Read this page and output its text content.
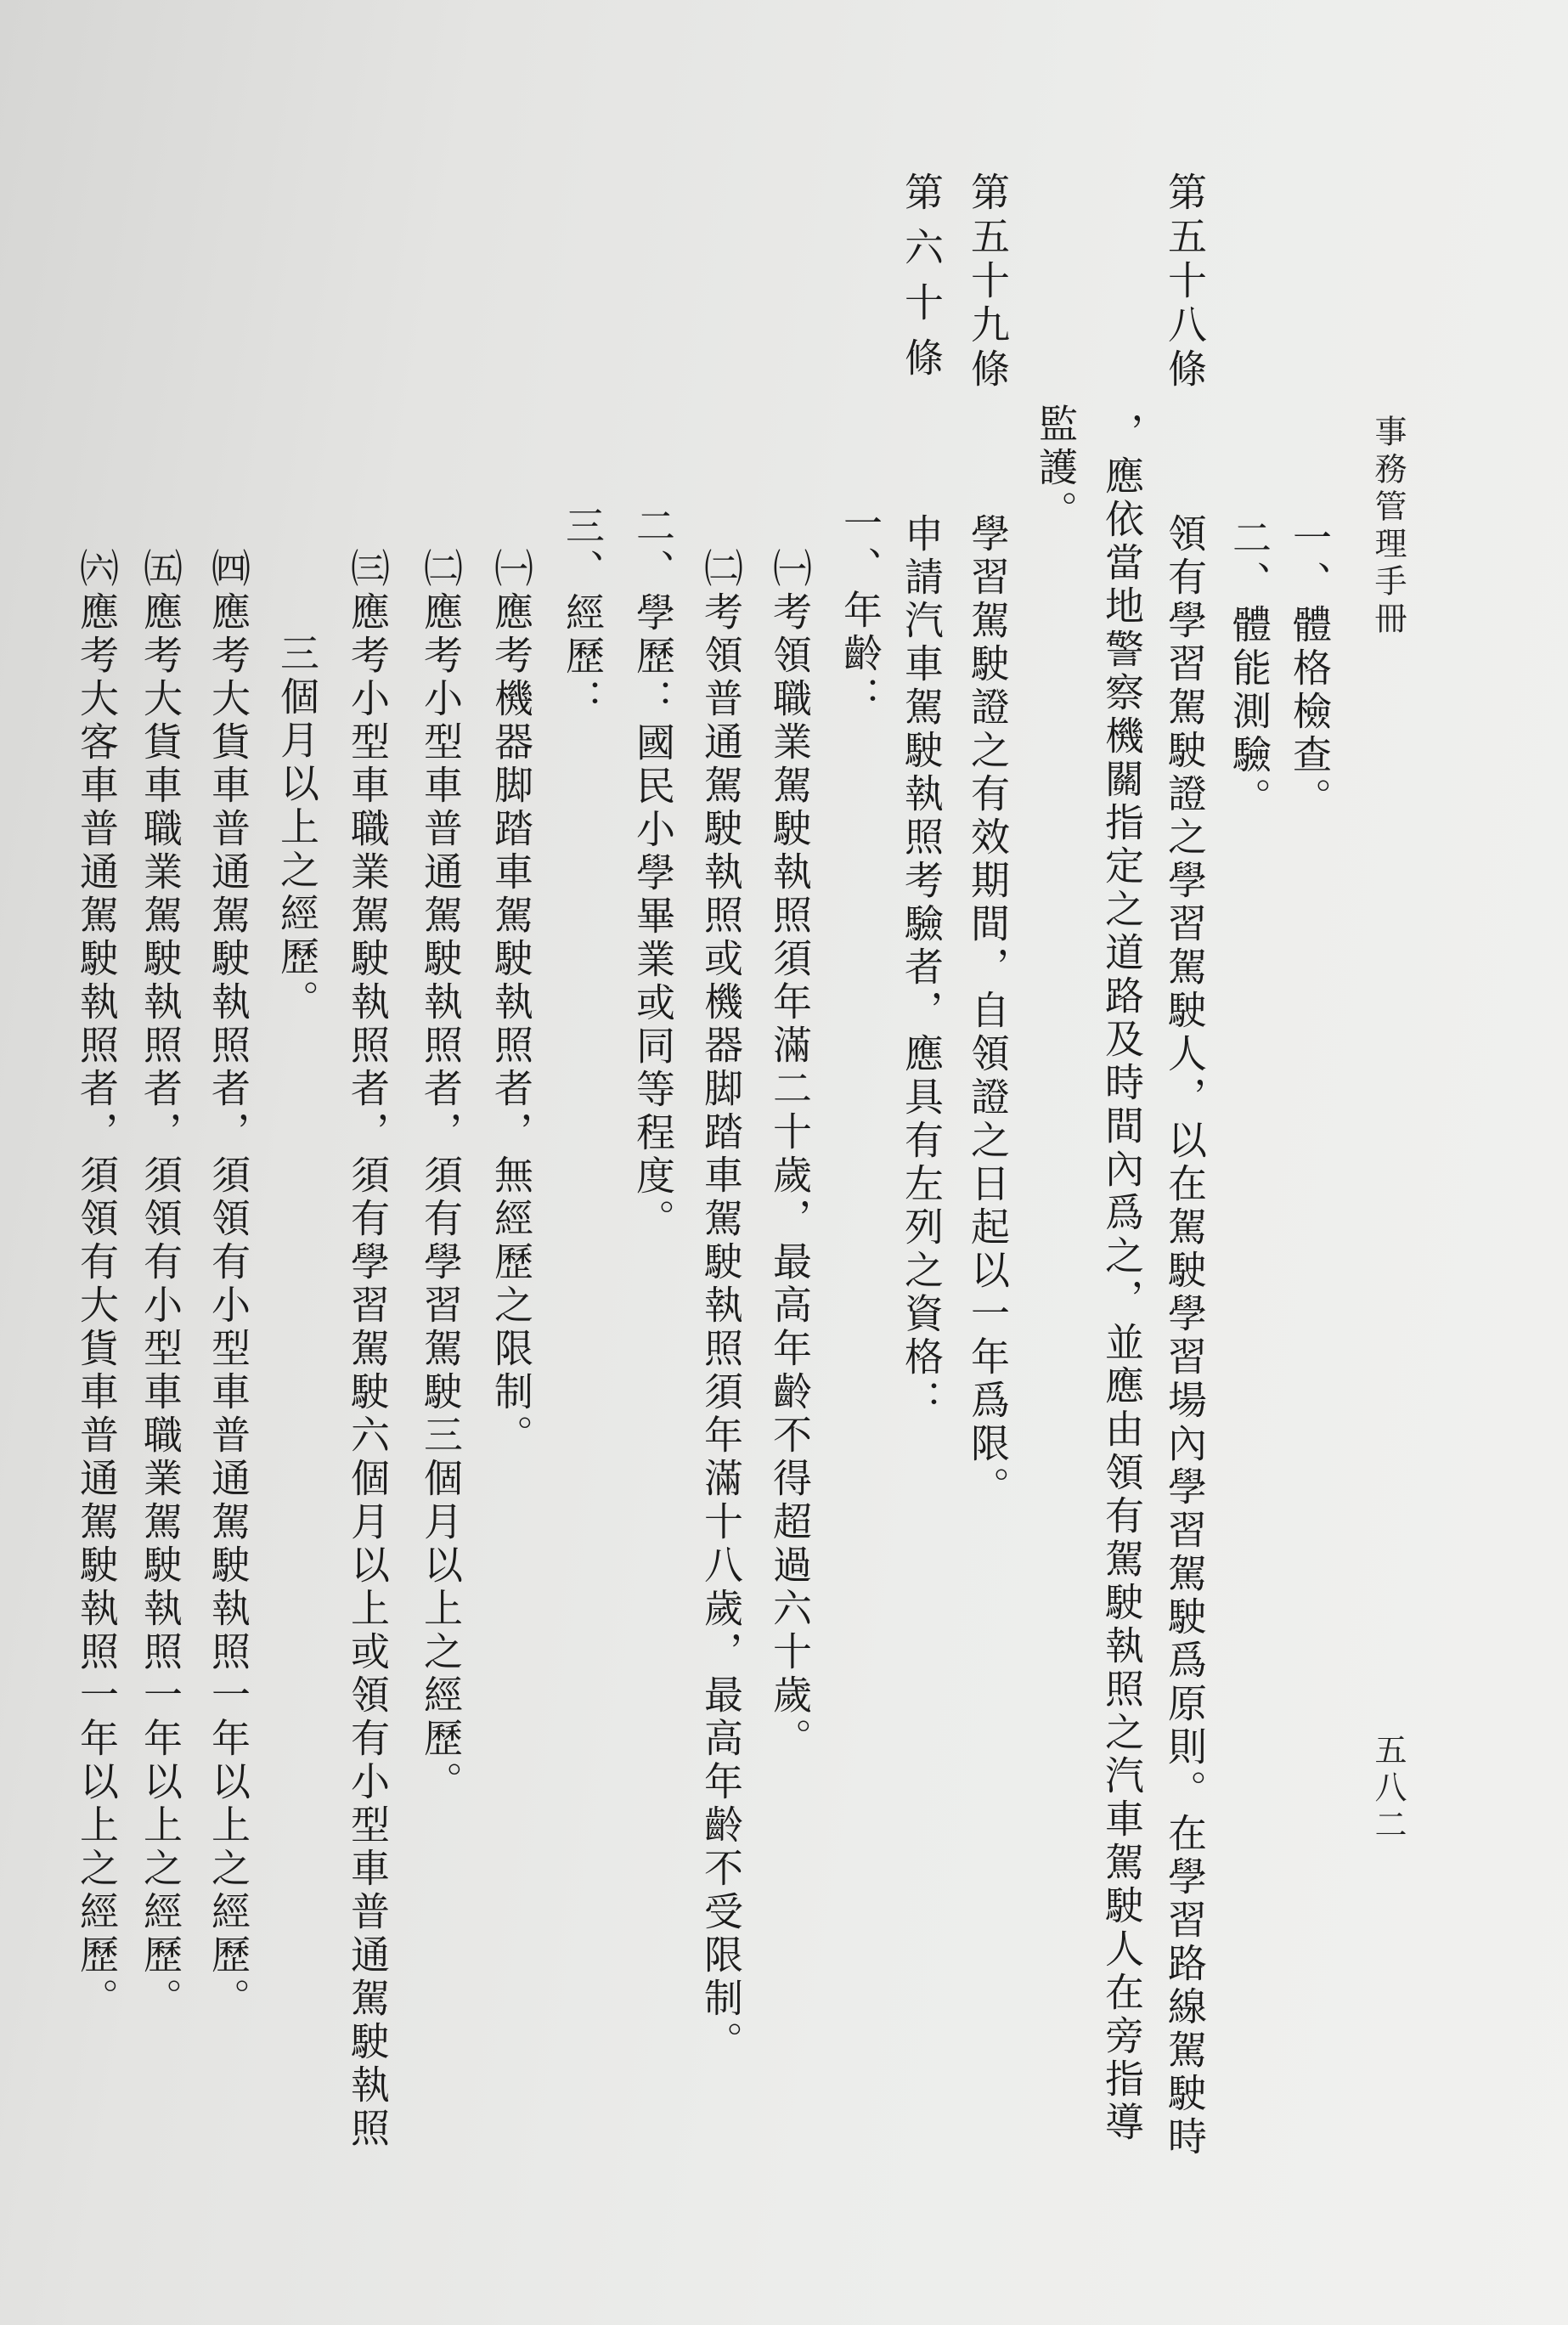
事務管理手冊
五八二
一、體格檢查。
二、體能測驗。
第五十八條
領有學習駕駛證之學習駕駛人，以在駕駛學習場內學習駕駛爲原則。在學習路線駕駛時
，應依當地警察機關指定之道路及時間內爲之，並應由領有駕駛執照之汽車駕駛人在旁指導
監護。
第五十九條
學習駕駛證之有效期間，自領證之日起以一年爲限。
第六十條
申請汽車駕駛執照考驗者，應具有左列之資格：
一、年齡：
㈠考領職業駕駛執照須年滿二十歲，最高年齡不得超過六十歲。
㈡考領普通駕駛執照或機器脚踏車駕駛執照須年滿十八歲，最高年齡不受限制。
二、學歷：國民小學畢業或同等程度。
三、經歷：
㈠應考機器脚踏車駕駛執照者，無經歷之限制。
㈡應考小型車普通駕駛執照者，須有學習駕駛三個月以上之經歷。
㈢應考小型車職業駕駛執照者，須有學習駕駛六個月以上或領有小型車普通駕駛執照
三個月以上之經歷。
㈣應考大貨車普通駕駛執照者，須領有小型車普通駕駛執照一年以上之經歷。
㈤應考大貨車職業駕駛執照者，須領有小型車職業駕駛執照一年以上之經歷。
㈥應考大客車普通駕駛執照者，須領有大貨車普通駕駛執照一年以上之經歷。
